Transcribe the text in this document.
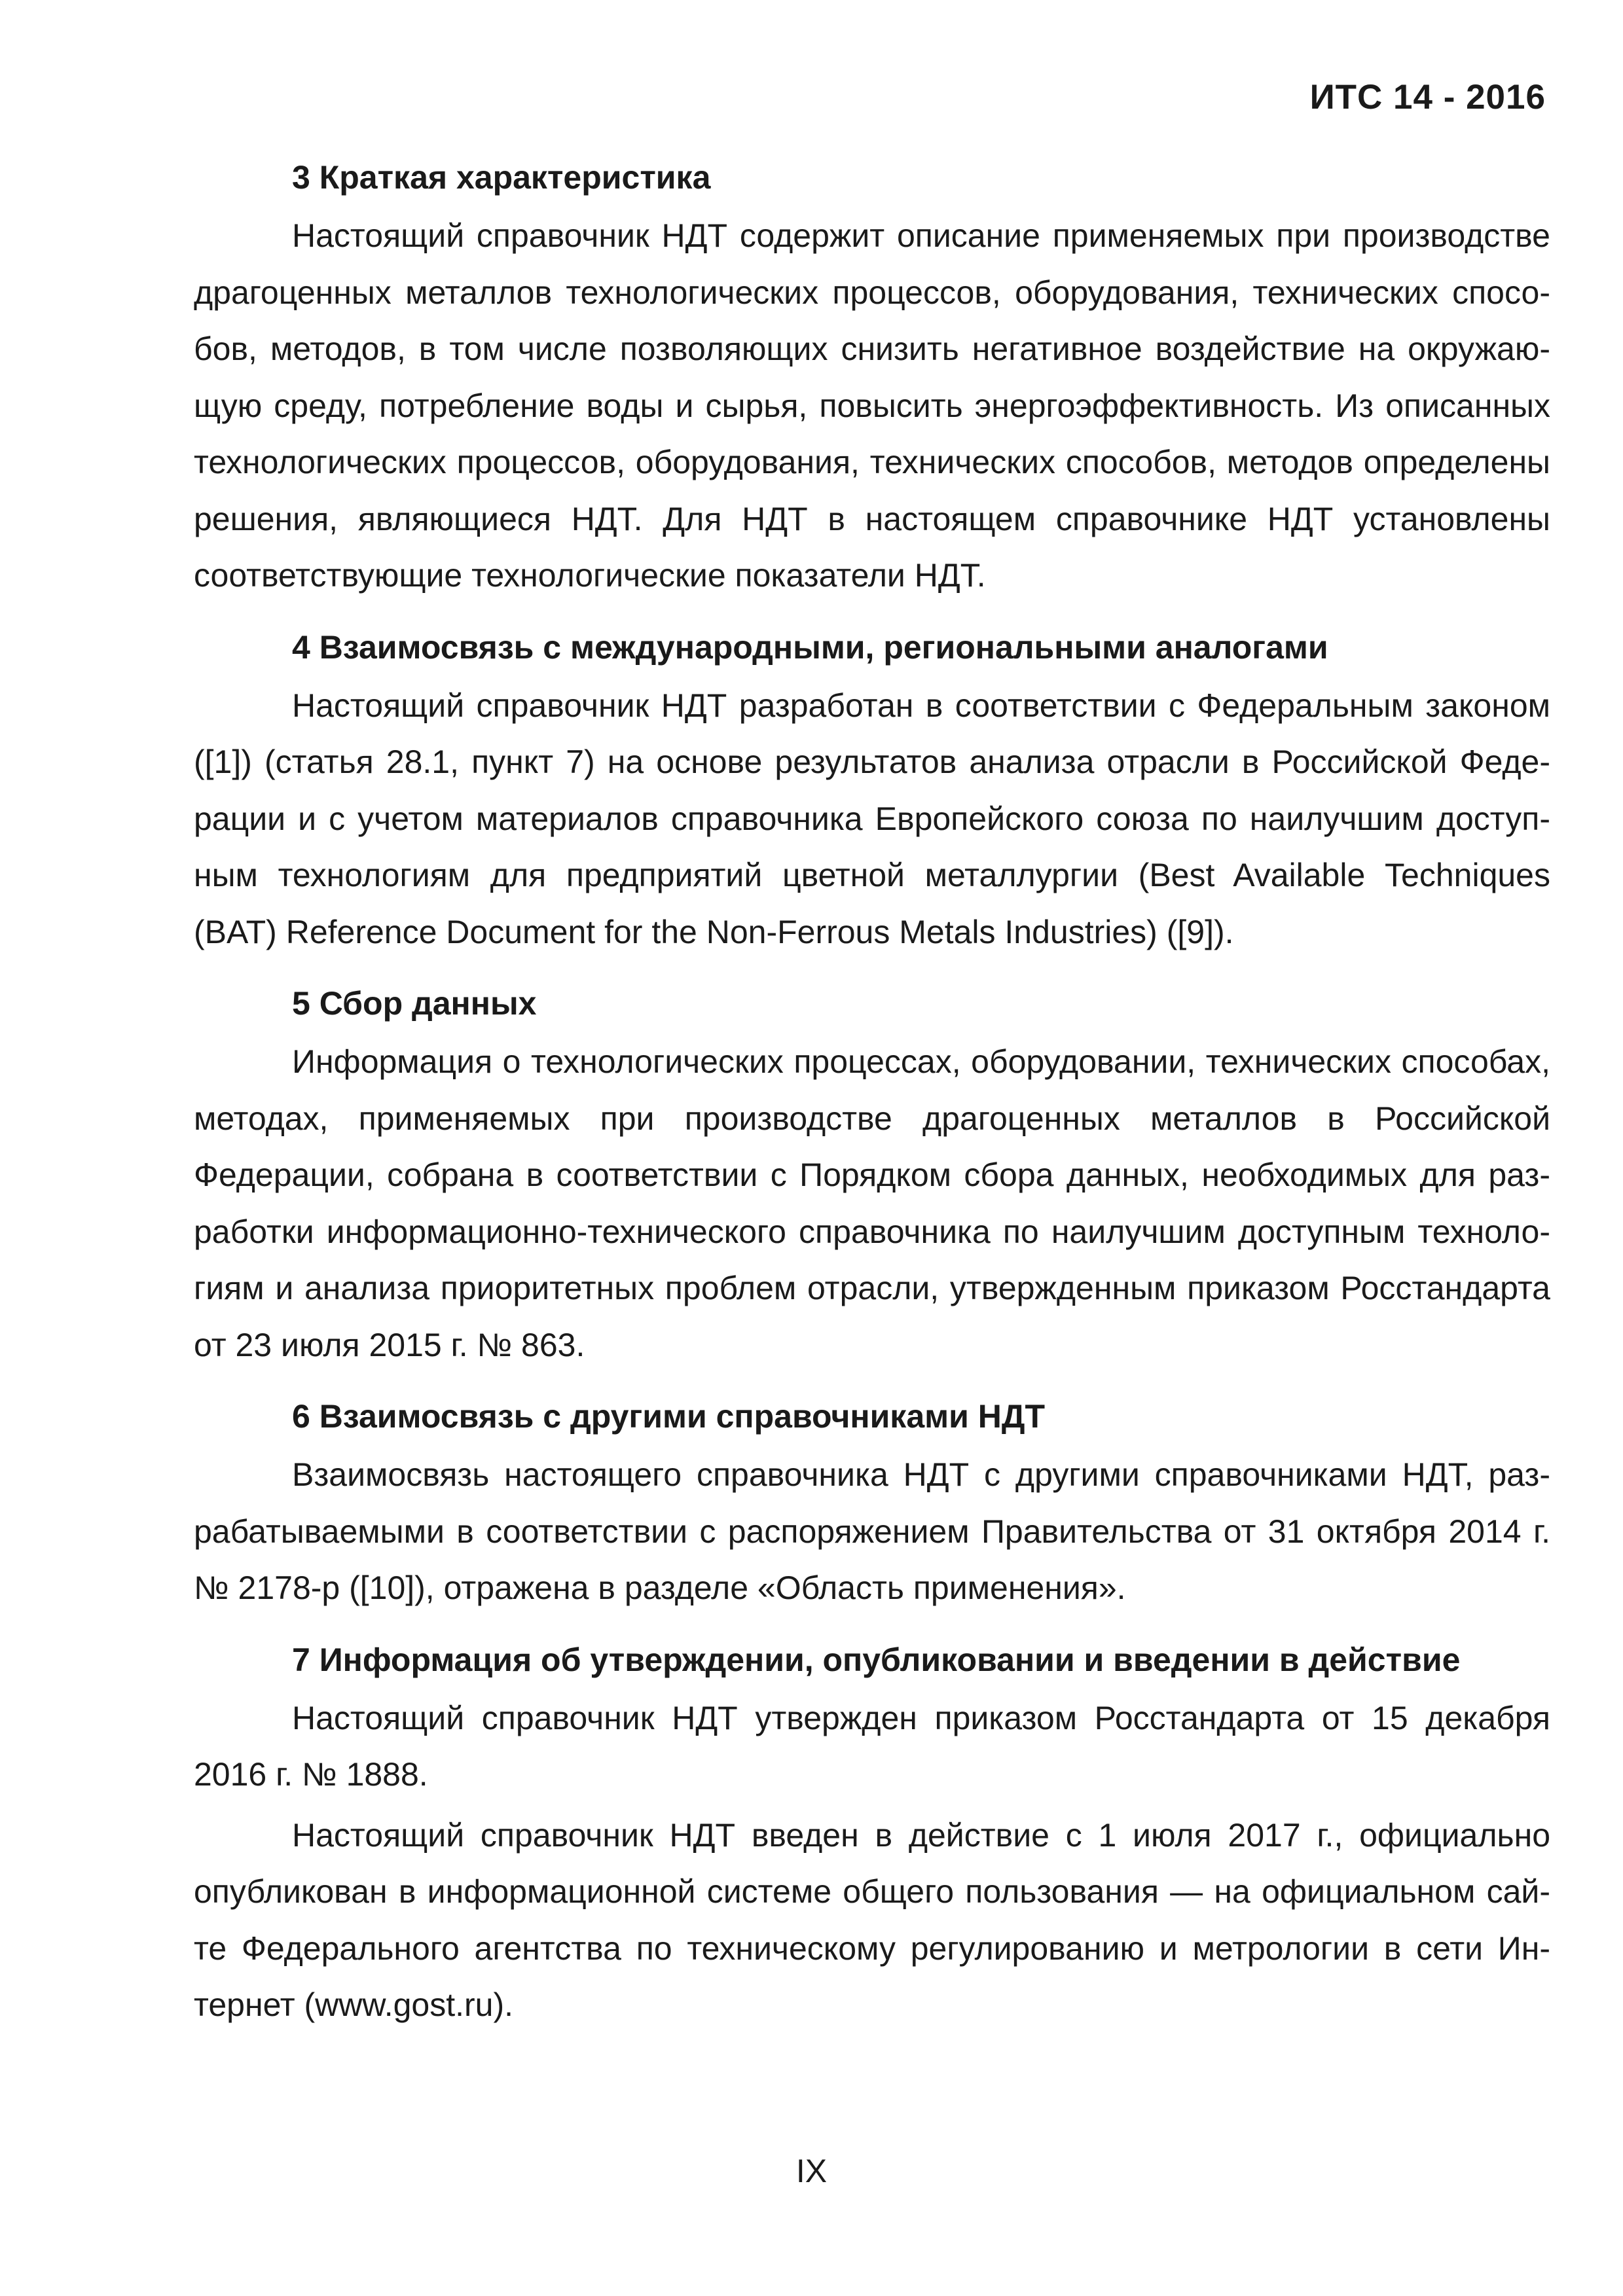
ИТС 14 - 2016

3 Краткая характеристика

Настоящий справочник НДТ содержит описание применяемых при производстве драгоценных металлов технологических процессов, оборудования, технических способов, методов, в том числе позволяющих снизить негативное воздействие на окружающую среду, потребление воды и сырья, повысить энергоэффективность. Из описанных технологических процессов, оборудования, технических способов, методов определены решения, являющиеся НДТ. Для НДТ в настоящем справочнике НДТ установлены соответствующие технологические показатели НДТ.

4 Взаимосвязь с международными, региональными аналогами

Настоящий справочник НДТ разработан в соответствии с Федеральным законом ([1]) (статья 28.1, пункт 7) на основе результатов анализа отрасли в Российской Федерации и с учетом материалов справочника Европейского союза по наилучшим доступным технологиям для предприятий цветной металлургии (Best Available Techniques (BAT) Reference Document for the Non-Ferrous Metals Industries) ([9]).

5 Сбор данных

Информация о технологических процессах, оборудовании, технических способах, методах, применяемых при производстве драгоценных металлов в Российской Федерации, собрана в соответствии с Порядком сбора данных, необходимых для разработки информационно-технического справочника по наилучшим доступным технологиям и анализа приоритетных проблем отрасли, утвержденным приказом Росстандарта от 23 июля 2015 г. № 863.

6 Взаимосвязь с другими справочниками НДТ

Взаимосвязь настоящего справочника НДТ с другими справочниками НДТ, разрабатываемыми в соответствии с распоряжением Правительства от 31 октября 2014 г. № 2178-р ([10]), отражена в разделе «Область применения».

7 Информация об утверждении, опубликовании и введении в действие

Настоящий справочник НДТ утвержден приказом Росстандарта от 15 декабря 2016 г. № 1888.

Настоящий справочник НДТ введен в действие с 1 июля 2017 г., официально опубликован в информационной системе общего пользования — на официальном сайте Федерального агентства по техническому регулированию и метрологии в сети Интернет (www.gost.ru).

IX
